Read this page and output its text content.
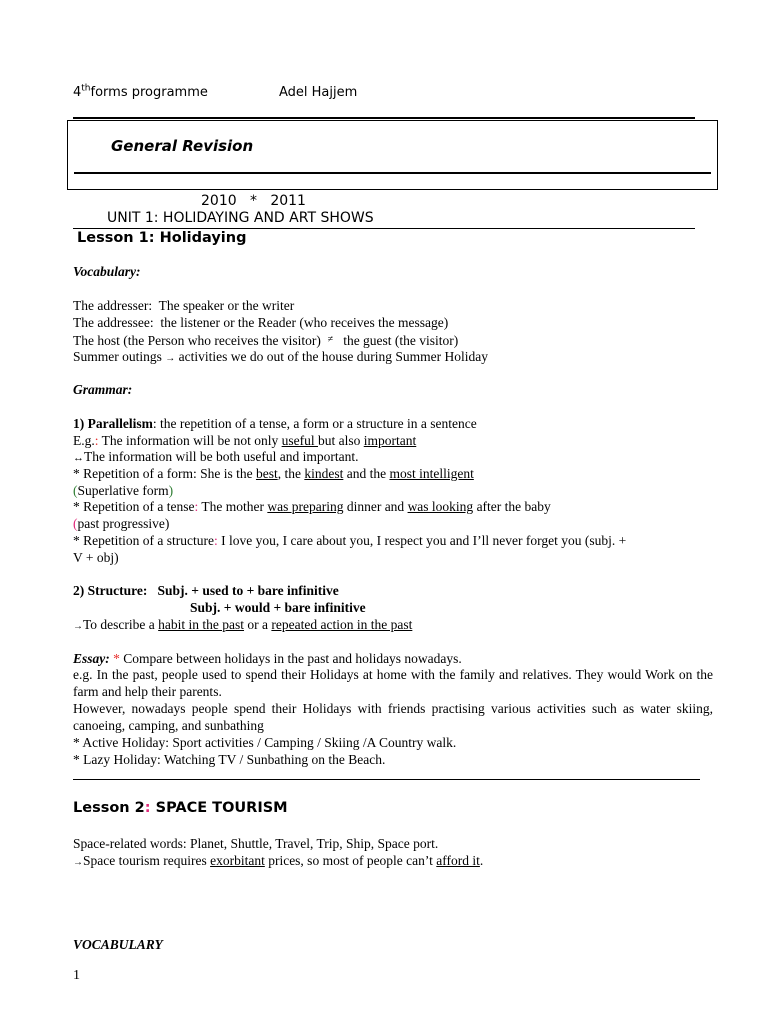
4thforms programme	Adel Hajjem
General Revision
2010   *   2011
UNIT 1: HOLIDAYING AND ART SHOWS
Lesson 1: Holidaying
Vocabulary:
The addresser:  The speaker or the writer
The addressee:  the listener or the Reader (who receives the message)
The host (the Person who receives the visitor)  ≠   the guest (the visitor)
Summer outings → activities we do out of the house during Summer Holiday
Grammar:
1) Parallelism: the repetition of a tense, a form or a structure in a sentence
E.g.: The information will be not only useful but also important
↔The information will be both useful and important.
* Repetition of a form: She is the best, the kindest and the most intelligent
(Superlative form)
* Repetition of a tense: The mother was preparing dinner and was looking after the baby
(past progressive)
* Repetition of a structure: I love you, I care about you, I respect you and I’ll never forget you (subj. +
V + obj)
2) Structure:   Subj. + used to + bare infinitive
Subj. + would + bare infinitive
→To describe a habit in the past or a repeated action in the past
Essay: * Compare between holidays in the past and holidays nowadays.
e.g. In the past, people used to spend their Holidays at home with the family and relatives. They would Work on the farm and help their parents.
However, nowadays people spend their Holidays with friends practising various activities such as water skiing, canoeing, camping, and sunbathing
* Active Holiday: Sport activities / Camping / Skiing /A Country walk.
* Lazy Holiday: Watching TV / Sunbathing on the Beach.
Lesson 2: SPACE TOURISM
Space-related words: Planet, Shuttle, Travel, Trip, Ship, Space port.
→Space tourism requires exorbitant prices, so most of people can’t afford it.
VOCABULARY
1
